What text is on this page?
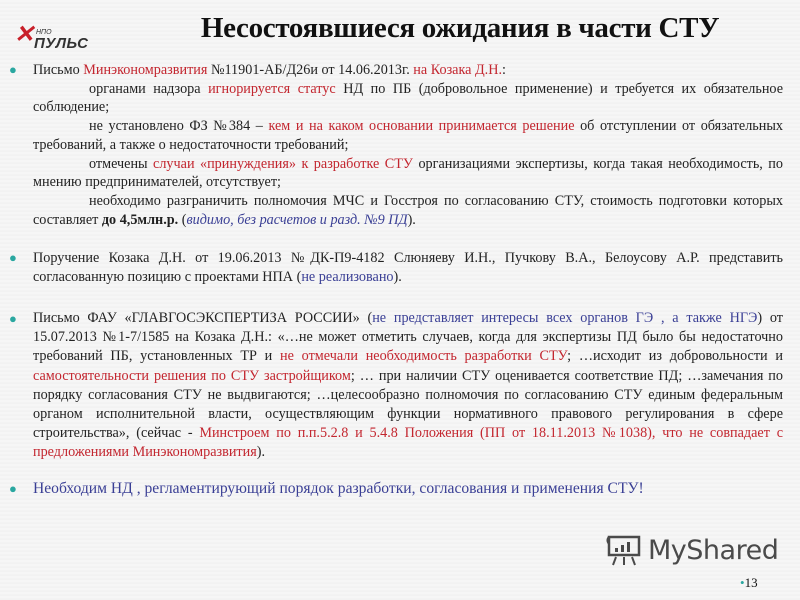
✕ НПО
ПУЛЬС	Несостоявшиеся ожидания в части СТУ
● Письмо Минэкономразвития №11901-АБ/Д26и от 14.06.2013г. на Козака Д.Н.:
органами надзора игнорируется статус НД по ПБ (добровольное применение) и требуется их обязательное соблюдение;
не установлено ФЗ №384 – кем и на каком основании принимается решение об отступлении от обязательных требований, а также о недостаточности требований;
отмечены случаи «принуждения» к разработке СТУ организациями экспертизы, когда такая необходимость, по мнению предпринимателей, отсутствует;
необходимо разграничить полномочия МЧС и Госстроя по согласованию СТУ, стоимость подготовки которых составляет до 4,5млн.р. (видимо, без расчетов и разд. №9 ПД).
● Поручение Козака Д.Н. от 19.06.2013 №ДК-П9-4182 Слюняеву И.Н., Пучкову В.А., Белоусову А.Р. представить согласованную позицию с проектами НПА (не реализовано).
● Письмо ФАУ «ГЛАВГОСЭКСПЕРТИЗА РОССИИ» (не представляет интересы всех органов ГЭ , а также НГЭ) от 15.07.2013 №1-7/1585 на Козака Д.Н.: «…не может отметить случаев, когда для экспертизы ПД было бы недостаточно требований ПБ, установленных ТР и не отмечали необходимость разработки СТУ; …исходит из добровольности и самостоятельности решения по СТУ застройщиком; … при наличии СТУ оценивается соответствие ПД; …замечания по порядку согласования СТУ не выдвигаются; …целесообразно полномочия по согласованию СТУ единым федеральным органом исполнительной власти, осуществляющим функции нормативного правового регулирования в сфере строительства», (сейчас - Минстроем по п.п.5.2.8 и 5.4.8 Положения (ПП от 18.11.2013 №1038), что не совпадает с предложениями Минэкономразвития).
● Необходим НД , регламентирующий порядок разработки, согласования и применения СТУ!
MyShared
•13
